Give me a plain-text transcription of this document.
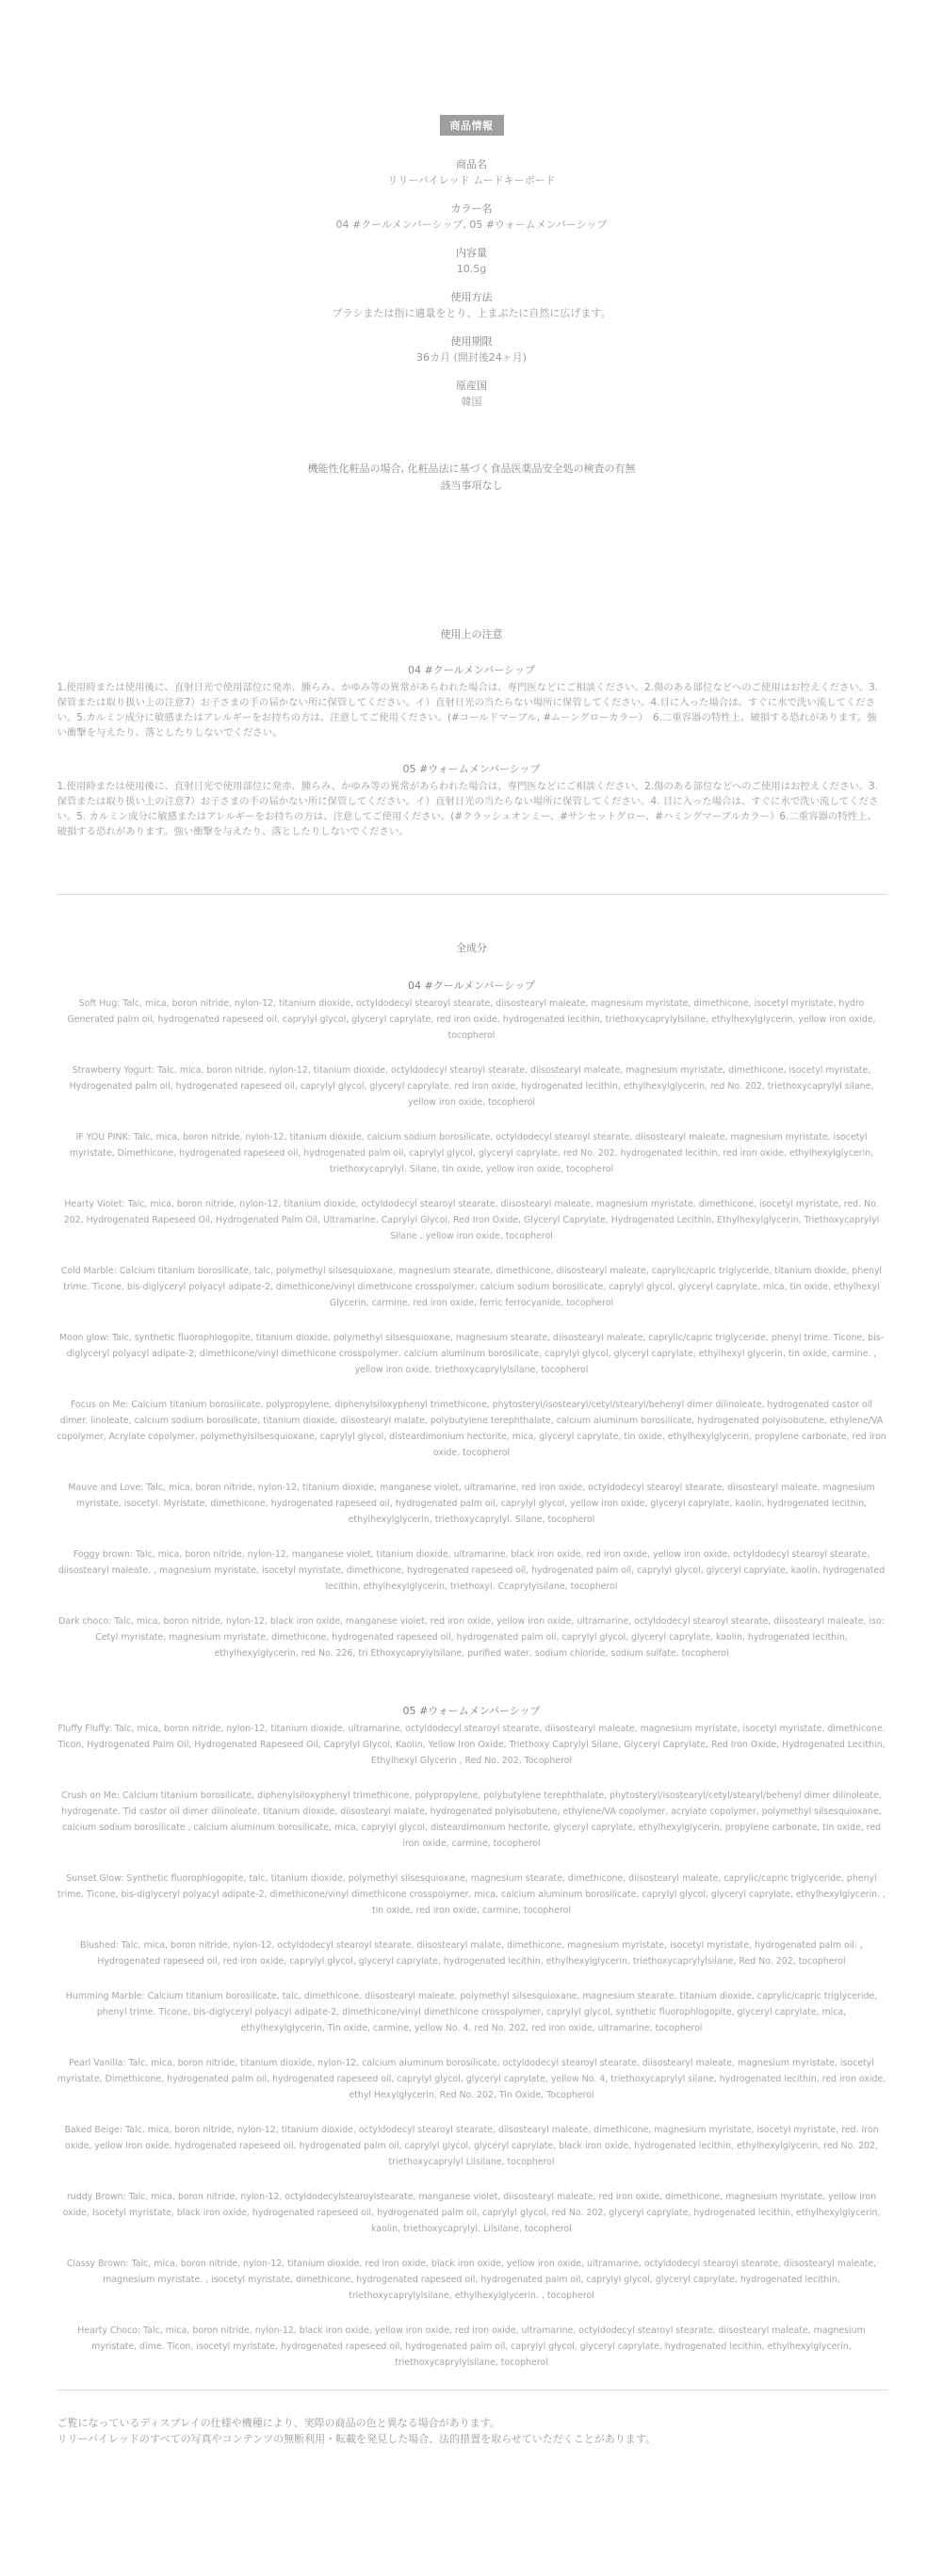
商品情報
商品名
リリーバイレッド ムードキーボード
カラー名
04 #クールメンバーシップ, 05 #ウォームメンバーシップ
内容量
10.5g
使用方法
ブラシまたは指に適量をとり、上まぶたに自然に広げます。
使用期限
36カ月 (開封後24ヶ月)
原産国
韓国
機能性化粧品の場合, 化粧品法に基づく食品医薬品安全処の検査の有無
該当事項なし
使用上の注意
04 #クールメンバーシップ
1.使用時または使用後に、直射日光で使用部位に発赤、腫らみ、かゆみ等の異常があらわれた場合は、専門医などにご相談ください。2.傷のある部位などへのご使用はお控えください。3.保管または取り扱い上の注意7）お子さまの手の届かない所に保管してください。イ）直射日光の当たらない場所に保管してください。4.目に入った場合は、すぐに水で洗い流してください。5.カルミン成分に敏感またはアレルギーをお持ちの方は、注意してご使用ください。(#コールドマーブル, #ムーングローカラー）　6.二重容器の特性上、破損する恐れがあります。強い衝撃を与えたり、落としたりしないでください。
05 #ウォームメンバーシップ
1.使用時または使用後に、直射日光で使用部位に発赤、腫らみ、かゆみ等の異常があらわれた場合は、専門医などにご相談ください。2.傷のある部位などへのご使用はお控えください。3.保管または取り扱い上の注意7）お子さまの手の届かない所に保管してください。イ）直射日光の当たらない場所に保管してください。4. 目に入った場合は、すぐに水で洗い流してください。5. カルミン成分に敏感またはアレルギーをお持ちの方は、注意してご使用ください。(#クラッシュオンミー、#サンセットグロー、#ハミングマーブルカラー）6.二重容器の特性上、破損する恐れがあります。強い衝撃を与えたり、落としたりしないでください。
全成分
04 #クールメンバーシップ
Soft Hug: Talc, mica, boron nitride, nylon-12, titanium dioxide, octyldodecyl stearoyl stearate, diisostearyl maleate, magnesium myristate, dimethicone, isocetyl myristate, hydro Generated palm oil, hydrogenated rapeseed oil, caprylyl glycol, glyceryl caprylate, red iron oxide, hydrogenated lecithin, triethoxycaprylylsilane, ethylhexylglycerin, yellow iron oxide, tocopherol
Strawberry Yogurt: Talc, mica, boron nitride, nylon-12, titanium dioxide, octyldodecyl stearoyl stearate, diisostearyl maleate, magnesium myristate, dimethicone, isocetyl myristate, Hydrogenated palm oil, hydrogenated rapeseed oil, caprylyl glycol, glyceryl caprylate, red iron oxide, hydrogenated lecithin, ethylhexylglycerin, red No. 202, triethoxycaprylyl silane, yellow iron oxide, tocopherol
IF YOU PINK: Talc, mica, boron nitride, nylon-12, titanium dioxide, calcium sodium borosilicate, octyldodecyl stearoyl stearate, diisostearyl maleate, magnesium myristate, isocetyl myristate, Dimethicone, hydrogenated rapeseed oil, hydrogenated palm oil, caprylyl glycol, glyceryl caprylate, red No. 202, hydrogenated lecithin, red iron oxide, ethylhexylglycerin, triethoxycaprylyl. Silane, tin oxide, yellow iron oxide, tocopherol
Hearty Violet: Talc, mica, boron nitride, nylon-12, titanium dioxide, octyldodecyl stearoyl stearate, diisostearyl maleate, magnesium myristate, dimethicone, isocetyl myristate, red. No. 202, Hydrogenated Rapeseed Oil, Hydrogenated Palm Oil, Ultramarine, Caprylyl Glycol, Red Iron Oxide, Glyceryl Caprylate, Hydrogenated Lecithin, Ethylhexylglycerin, Triethoxycaprylyl Silane , yellow iron oxide, tocopherol
Cold Marble: Calcium titanium borosilicate, talc, polymethyl silsesquioxane, magnesium stearate, dimethicone, diisostearyl maleate, caprylic/capric triglyceride, titanium dioxide, phenyl trime. Ticone, bis-diglyceryl polyacyl adipate-2, dimethicone/vinyl dimethicone crosspolymer, calcium sodium borosilicate, caprylyl glycol, glyceryl caprylate, mica, tin oxide, ethylhexyl Glycerin, carmine, red iron oxide, ferric ferrocyanide, tocopherol
Moon glow: Talc, synthetic fluorophlogopite, titanium dioxide, polymethyl silsesquioxane, magnesium stearate, diisostearyl maleate, caprylic/capric triglyceride, phenyl trime. Ticone, bis-diglyceryl polyacyl adipate-2, dimethicone/vinyl dimethicone crosspolymer, calcium aluminum borosilicate, caprylyl glycol, glyceryl caprylate, ethylhexyl glycerin, tin oxide, carmine. , yellow iron oxide, triethoxycaprylylsilane, tocopherol
Focus on Me: Calcium titanium borosilicate, polypropylene, diphenylsiloxyphenyl trimethicone, phytosteryl/isostearyl/cetyl/stearyl/behenyl dimer dilinoleate, hydrogenated castor oil dimer. linoleate, calcium sodium borosilicate, titanium dioxide, diisostearyl malate, polybutylene terephthalate, calcium aluminum borosilicate, hydrogenated polyisobutene, ethylene/VA copolymer, Acrylate copolymer, polymethylsilsesquioxane, caprylyl glycol, disteardimonium hectorite, mica, glyceryl caprylate, tin oxide, ethylhexylglycerin, propylene carbonate, red iron oxide, tocopherol
Mauve and Love: Talc, mica, boron nitride, nylon-12, titanium dioxide, manganese violet, ultramarine, red iron oxide, octyldodecyl stearoyl stearate, diisostearyl maleate, magnesium myristate, isocetyl. Myristate, dimethicone, hydrogenated rapeseed oil, hydrogenated palm oil, caprylyl glycol, yellow iron oxide, glyceryl caprylate, kaolin, hydrogenated lecithin, ethylhexylglycerin, triethoxycaprylyl. Silane, tocopherol
Foggy brown: Talc, mica, boron nitride, nylon-12, manganese violet, titanium dioxide, ultramarine, black iron oxide, red iron oxide, yellow iron oxide, octyldodecyl stearoyl stearate, diisostearyl maleate. , magnesium myristate, isocetyl myristate, dimethicone, hydrogenated rapeseed oil, hydrogenated palm oil, caprylyl glycol, glyceryl caprylate, kaolin, hydrogenated lecithin, ethylhexylglycerin, triethoxyl. Ccaprylylsilane, tocopherol
Dark choco: Talc, mica, boron nitride, nylon-12, black iron oxide, manganese violet, red iron oxide, yellow iron oxide, ultramarine, octyldodecyl stearoyl stearate, diisostearyl maleate, iso: Cetyl myristate, magnesium myristate, dimethicone, hydrogenated rapeseed oil, hydrogenated palm oil, caprylyl glycol, glyceryl caprylate, kaolin, hydrogenated lecithin, ethylhexylglycerin, red No. 226, tri Ethoxycaprylylsilane, purified water, sodium chloride, sodium sulfate, tocopherol
05 #ウォームメンバーシップ
Fluffy Fluffy: Talc, mica, boron nitride, nylon-12, titanium dioxide, ultramarine, octyldodecyl stearoyl stearate, diisostearyl maleate, magnesium myristate, isocetyl myristate, dimethicone. Ticon, Hydrogenated Palm Oil, Hydrogenated Rapeseed Oil, Caprylyl Glycol, Kaolin, Yellow Iron Oxide, Triethoxy Caprylyl Silane, Glyceryl Caprylate, Red Iron Oxide, Hydrogenated Lecithin, Ethylhexyl Glycerin , Red No. 202, Tocopherol
Crush on Me: Calcium titanium borosilicate, diphenylsiloxyphenyl trimethicone, polypropylene, polybutylene terephthalate, phytosteryl/isostearyl/cetyl/stearyl/behenyl dimer dilinoleate, hydrogenate. Tid castor oil dimer dilinoleate, titanium dioxide, diisostearyl malate, hydrogenated polyisobutene, ethylene/VA copolymer, acrylate copolymer, polymethyl silsesquioxane, calcium sodium borosilicate , calcium aluminum borosilicate, mica, caprylyl glycol, disteardimonium hectorite, glyceryl caprylate, ethylhexylglycerin, propylene carbonate, tin oxide, red iron oxide, carmine, tocopherol
Sunset Glow: Synthetic fluorophlogopite, talc, titanium dioxide, polymethyl silsesquioxane, magnesium stearate, dimethicone, diisostearyl maleate, caprylic/capric triglyceride, phenyl trime. Ticone, bis-diglyceryl polyacyl adipate-2, dimethicone/vinyl dimethicone crosspolymer, mica, calcium aluminum borosilicate, caprylyl glycol, glyceryl caprylate, ethylhexylglycerin. , tin oxide, red iron oxide, carmine, tocopherol
Blushed: Talc, mica, boron nitride, nylon-12, octyldodecyl stearoyl stearate, diisostearyl malate, dimethicone, magnesium myristate, isocetyl myristate, hydrogenated palm oil. , Hydrogenated rapeseed oil, red iron oxide, caprylyl glycol, glyceryl caprylate, hydrogenated lecithin, ethylhexylglycerin, triethoxycaprylylsilane, Red No. 202, tocopherol
Humming Marble: Calcium titanium borosilicate, talc, dimethicone, diisostearyl maleate, polymethyl silsesquioxane, magnesium stearate, titanium dioxide, caprylic/capric triglyceride, phenyl trime. Ticone, bis-diglyceryl polyacyl adipate-2, dimethicone/vinyl dimethicone crosspolymer, caprylyl glycol, synthetic fluorophlogopite, glyceryl caprylate, mica, ethylhexylglycerin, Tin oxide, carmine, yellow No. 4, red No. 202, red iron oxide, ultramarine, tocopherol
Pearl Vanilla: Talc, mica, boron nitride, titanium dioxide, nylon-12, calcium aluminum borosilicate, octyldodecyl stearoyl stearate, diisostearyl maleate, magnesium myristate, isocetyl myristate, Dimethicone, hydrogenated palm oil, hydrogenated rapeseed oil, caprylyl glycol, glyceryl caprylate, yellow No. 4, triethoxycaprylyl silane, hydrogenated lecithin, red iron oxide, ethyl Hexylglycerin, Red No. 202, Tin Oxide, Tocopherol
Baked Beige: Talc, mica, boron nitride, nylon-12, titanium dioxide, octyldodecyl stearoyl stearate, diisostearyl maleate, dimethicone, magnesium myristate, isocetyl myristate, red. Iron oxide, yellow iron oxide, hydrogenated rapeseed oil, hydrogenated palm oil, caprylyl glycol, glyceryl caprylate, black iron oxide, hydrogenated lecithin, ethylhexylglycerin, red No. 202, triethoxycaprylyl Lilsilane, tocopherol
ruddy Brown: Talc, mica, boron nitride, nylon-12, octyldodecylstearoylstearate, manganese violet, diisostearyl maleate, red iron oxide, dimethicone, magnesium myristate, yellow iron oxide, Isocetyl myristate, black iron oxide, hydrogenated rapeseed oil, hydrogenated palm oil, caprylyl glycol, red No. 202, glyceryl caprylate, hydrogenated lecithin, ethylhexylglycerin, kaolin, triethoxycaprylyl. Lilsilane, tocopherol
Classy Brown: Talc, mica, boron nitride, nylon-12, titanium dioxide, red iron oxide, black iron oxide, yellow iron oxide, ultramarine, octyldodecyl stearoyl stearate, diisostearyl maleate, magnesium myristate. , isocetyl myristate, dimethicone, hydrogenated rapeseed oil, hydrogenated palm oil, caprylyl glycol, glyceryl caprylate, hydrogenated lecithin, triethoxycaprylylsilane, ethylhexylglycerin. , tocopherol
Hearty Choco: Talc, mica, boron nitride, nylon-12, black iron oxide, yellow iron oxide, red iron oxide, ultramarine, octyldodecyl stearoyl stearate, diisostearyl maleate, magnesium myristate, dime. Ticon, isocetyl myristate, hydrogenated rapeseed oil, hydrogenated palm oil, caprylyl glycol, glyceryl caprylate, hydrogenated lecithin, ethylhexylglycerin, triethoxycaprylylsilane, tocopherol
ご覧になっているディスプレイの仕様や機種により、実際の商品の色と異なる場合があります。
リリーバイレッドのすべての写真やコンテンツの無断利用・転載を発見した場合、法的措置を取らせていただくことがあります。
